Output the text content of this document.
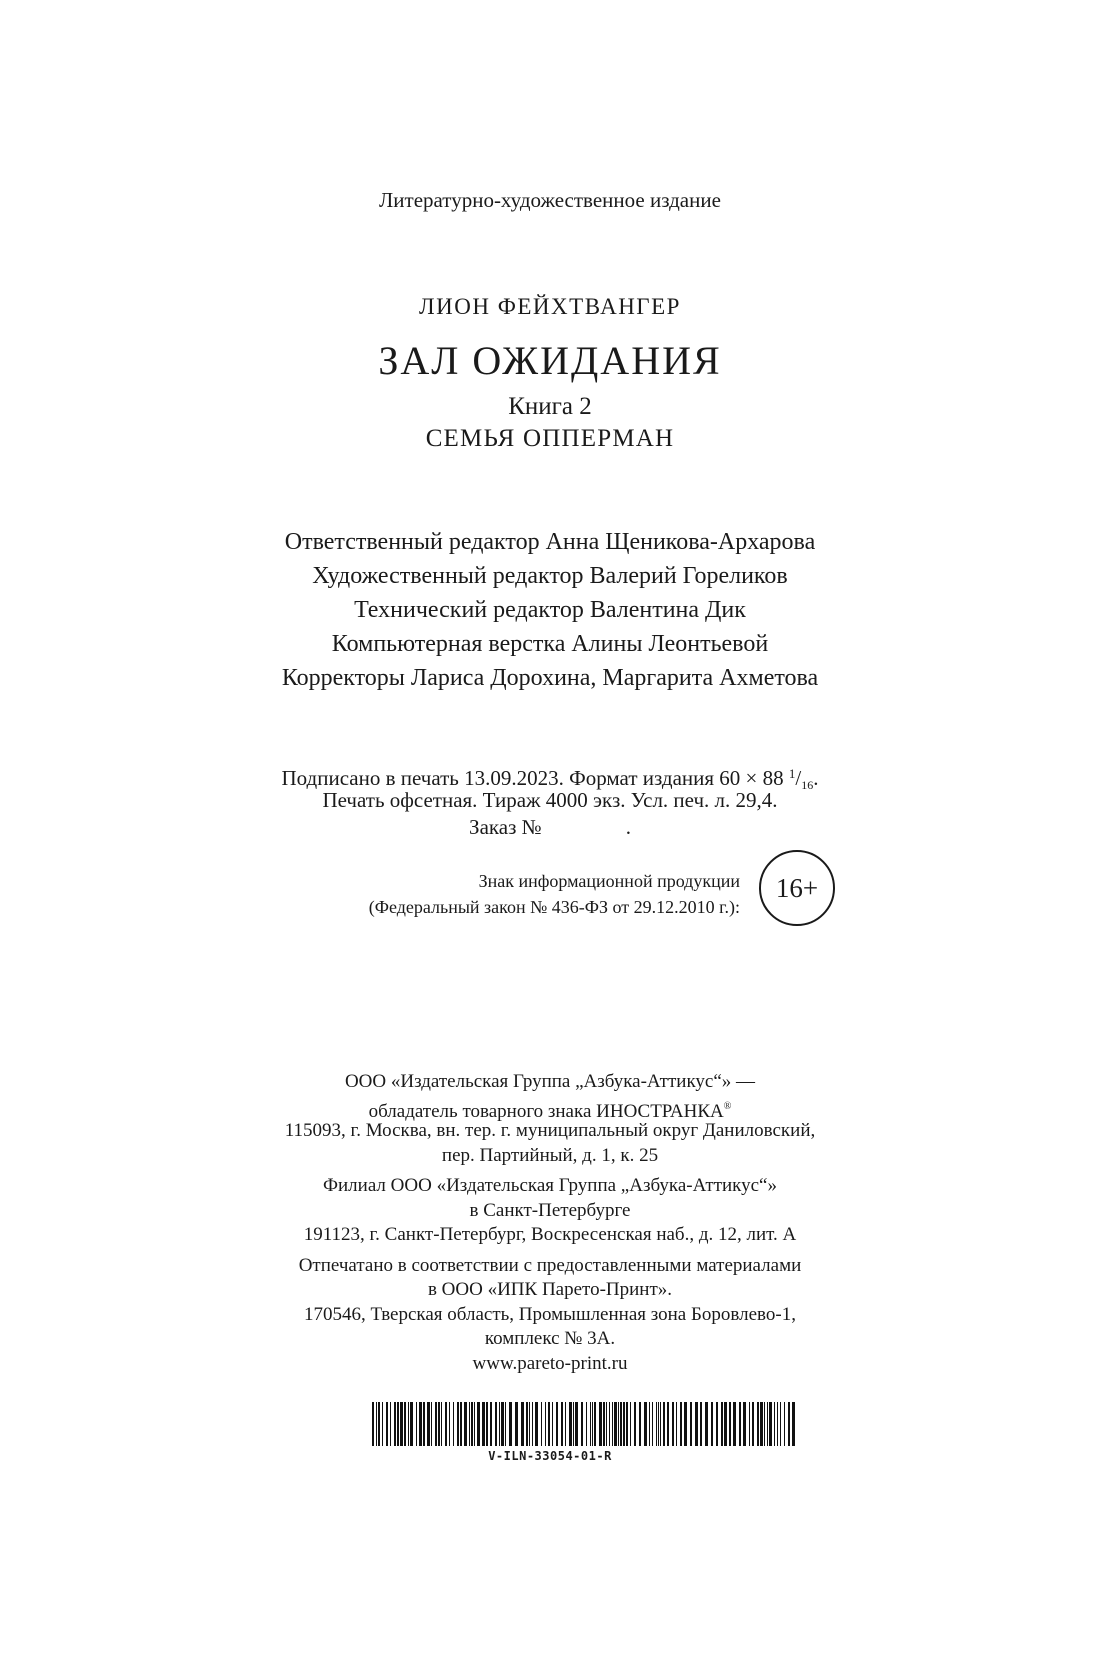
Литературно-художественное издание
ЛИОН ФЕЙХТВАНГЕР
ЗАЛ ОЖИДАНИЯ
Книга 2
СЕМЬЯ ОППЕРМАН
Ответственный редактор Анна Щеникова-Архарова
Художественный редактор Валерий Гореликов
Технический редактор Валентина Дик
Компьютерная верстка Алины Леонтьевой
Корректоры Лариса Дорохина, Маргарита Ахметова
Подписано в печать 13.09.2023. Формат издания 60 × 88 $^1/_{16}$.
Печать офсетная. Тираж 4000 экз. Усл. печ. л. 29,4.
Заказ №	.
Знак информационной продукции
(Федеральный закон № 436-ФЗ от 29.12.2010 г.):
16+
ООО «Издательская Группа „Азбука-Аттикус“» —
обладатель товарного знака ИНОСТРАНКА®
115093, г. Москва, вн. тер. г. муниципальный округ Даниловский,
пер. Партийный, д. 1, к. 25
Филиал ООО «Издательская Группа „Азбука-Аттикус“»
в Санкт-Петербурге
191123, г. Санкт-Петербург, Воскресенская наб., д. 12, лит. А
Отпечатано в соответствии с предоставленными материалами
в ООО «ИПК Парето-Принт».
170546, Тверская область, Промышленная зона Боровлево-1,
комплекс № 3А.
www.pareto-print.ru
V-ILN-33054-01-R
